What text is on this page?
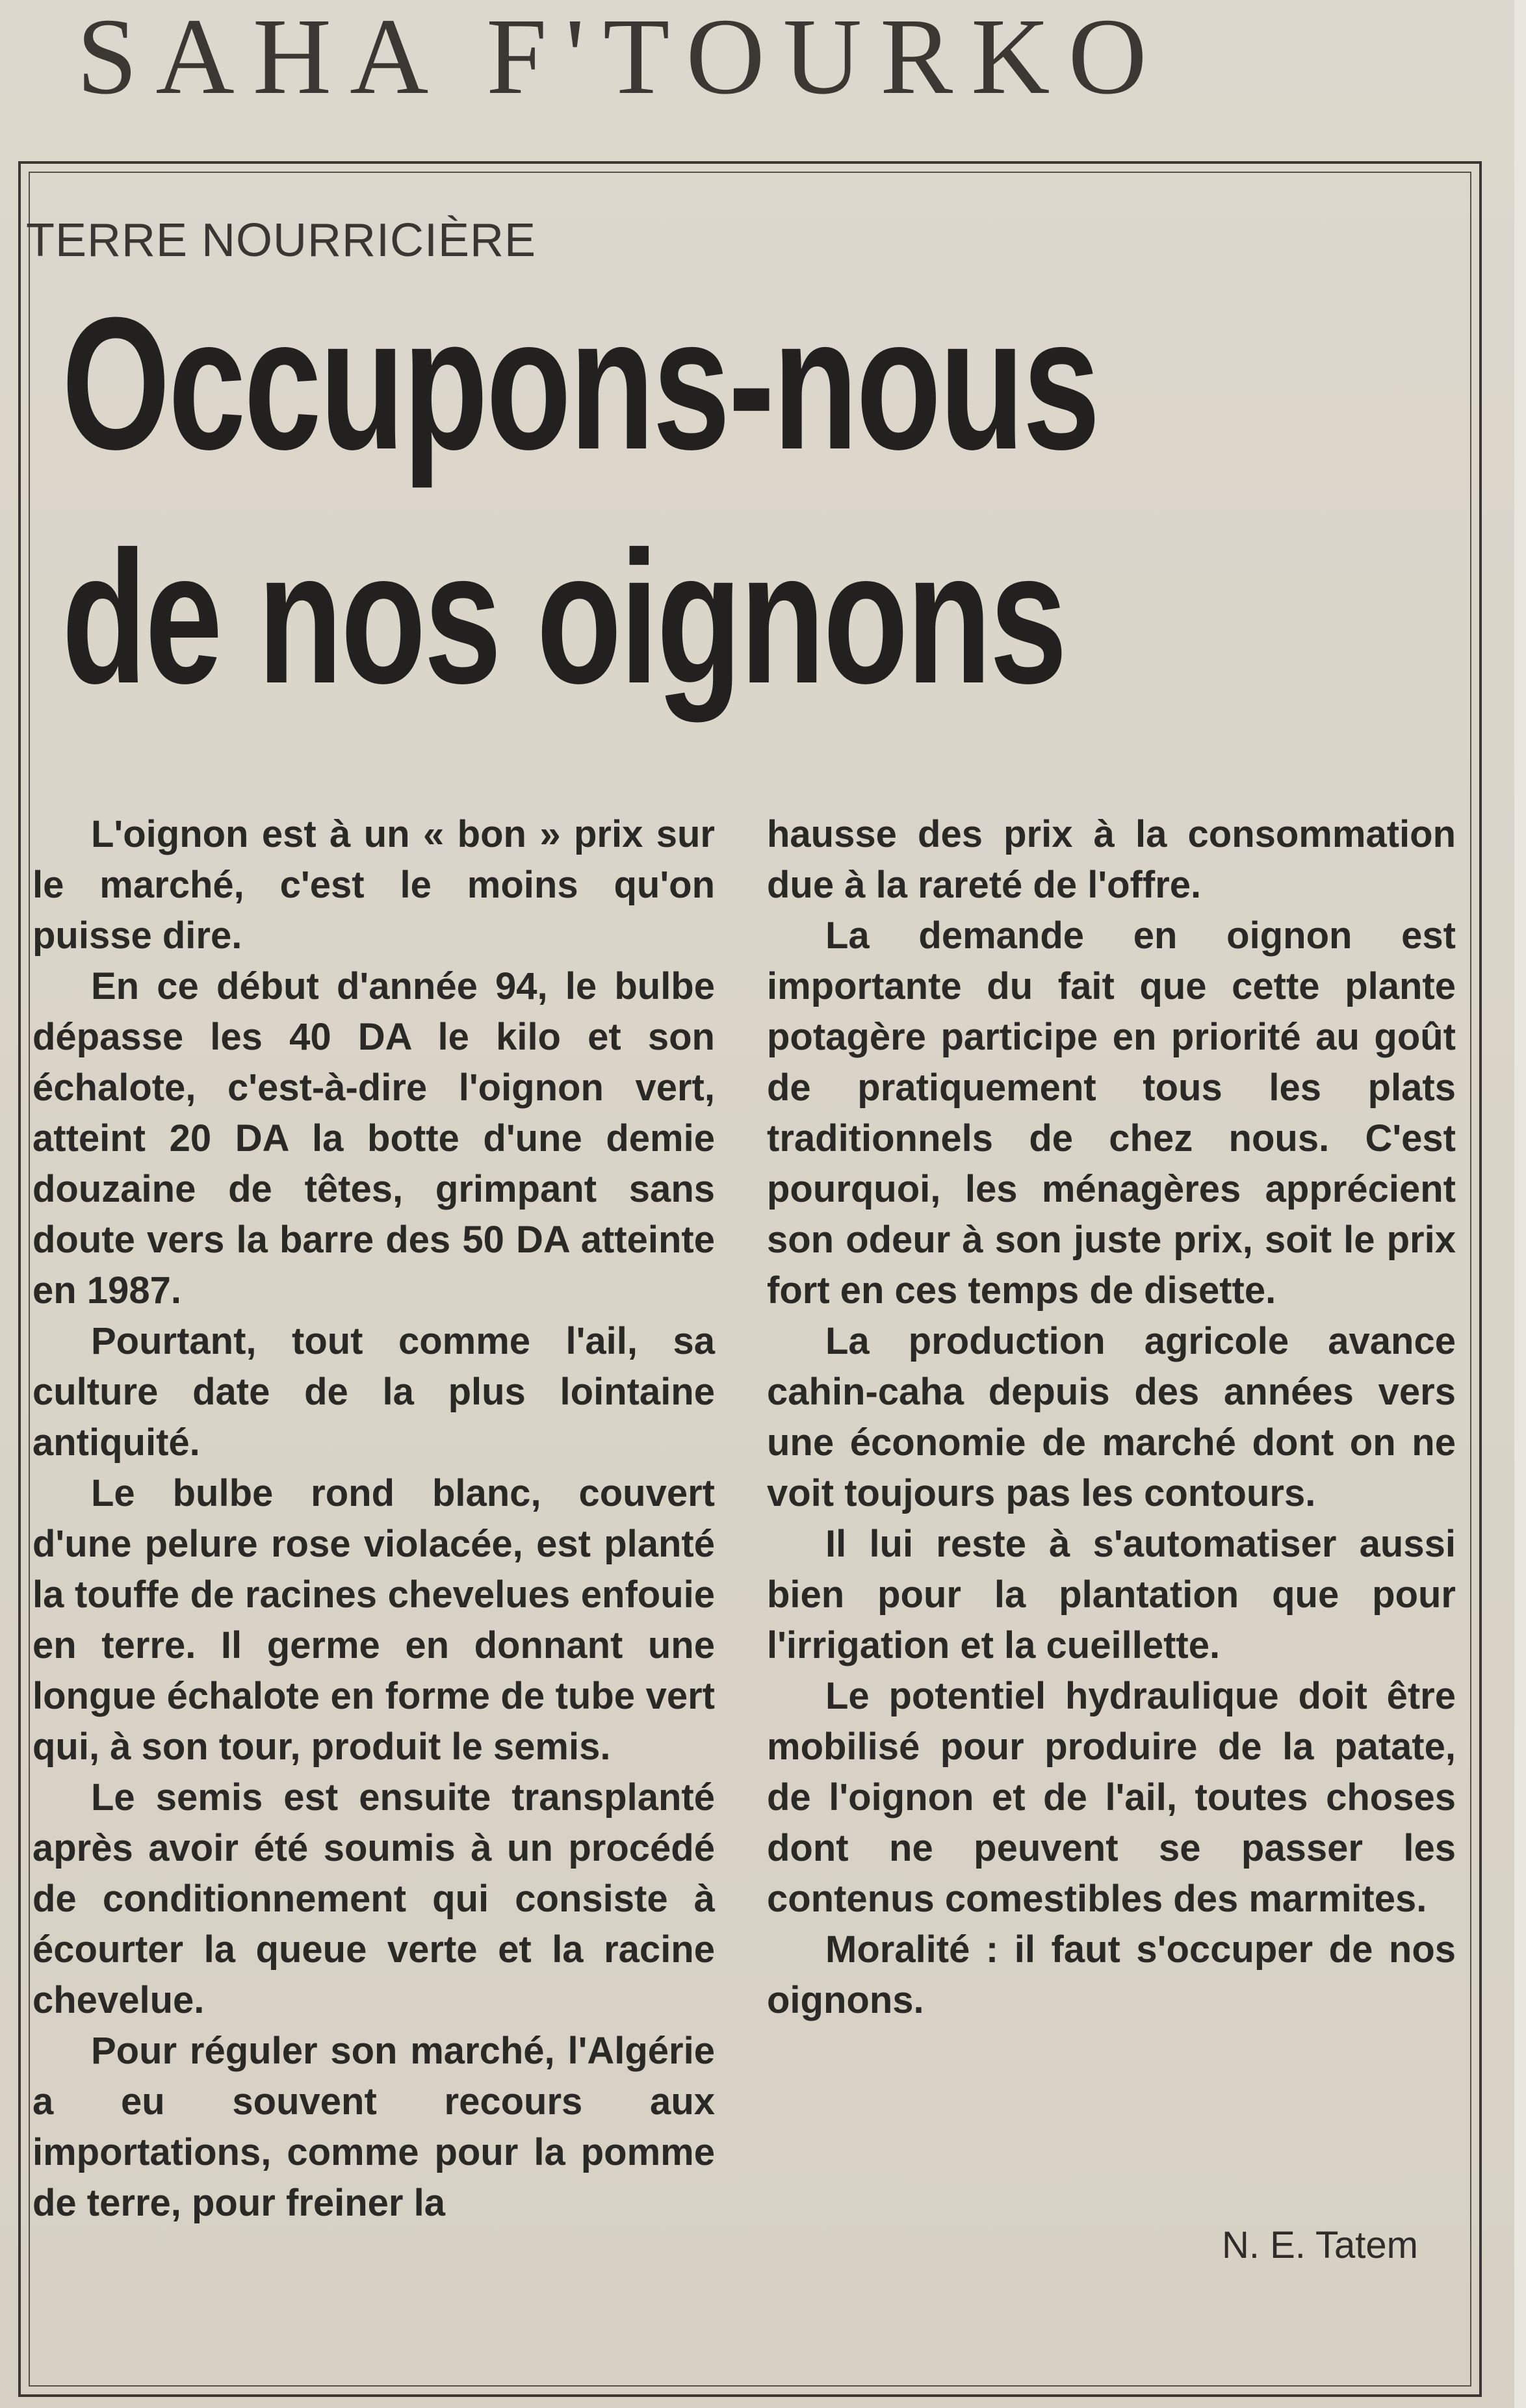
SAHA F'TOURKO
TERRE NOURRICIÈRE
Occupons-nous
de nos oignons

L'oignon est à un « bon » prix sur le marché, c'est le moins qu'on puisse dire.

En ce début d'année 94, le bulbe dépasse les 40 DA le kilo et son échalote, c'est-à-dire l'oignon vert, atteint 20 DA la botte d'une demie douzaine de têtes, grimpant sans doute vers la barre des 50 DA atteinte en 1987.

Pourtant, tout comme l'ail, sa culture date de la plus lointaine antiquité.

Le bulbe rond blanc, couvert d'une pelure rose violacée, est planté la touffe de racines chevelues enfouie en terre. Il germe en donnant une longue échalote en forme de tube vert qui, à son tour, produit le semis.

Le semis est ensuite transplanté après avoir été soumis à un procédé de conditionnement qui consiste à écourter la queue verte et la racine chevelue.

Pour réguler son marché, l'Algérie a eu souvent recours aux importations, comme pour la pomme de terre, pour freiner la

hausse des prix à la consommation due à la rareté de l'offre.

La demande en oignon est importante du fait que cette plante potagère participe en priorité au goût de pratiquement tous les plats traditionnels de chez nous. C'est pourquoi, les ménagères apprécient son odeur à son juste prix, soit le prix fort en ces temps de disette.

La production agricole avance cahin-caha depuis des années vers une économie de marché dont on ne voit toujours pas les contours.

Il lui reste à s'automatiser aussi bien pour la plantation que pour l'irrigation et la cueillette.

Le potentiel hydraulique doit être mobilisé pour produire de la patate, de l'oignon et de l'ail, toutes choses dont ne peuvent se passer les contenus comestibles des marmites.

Moralité : il faut s'occuper de nos oignons.

N. E. Tatem
